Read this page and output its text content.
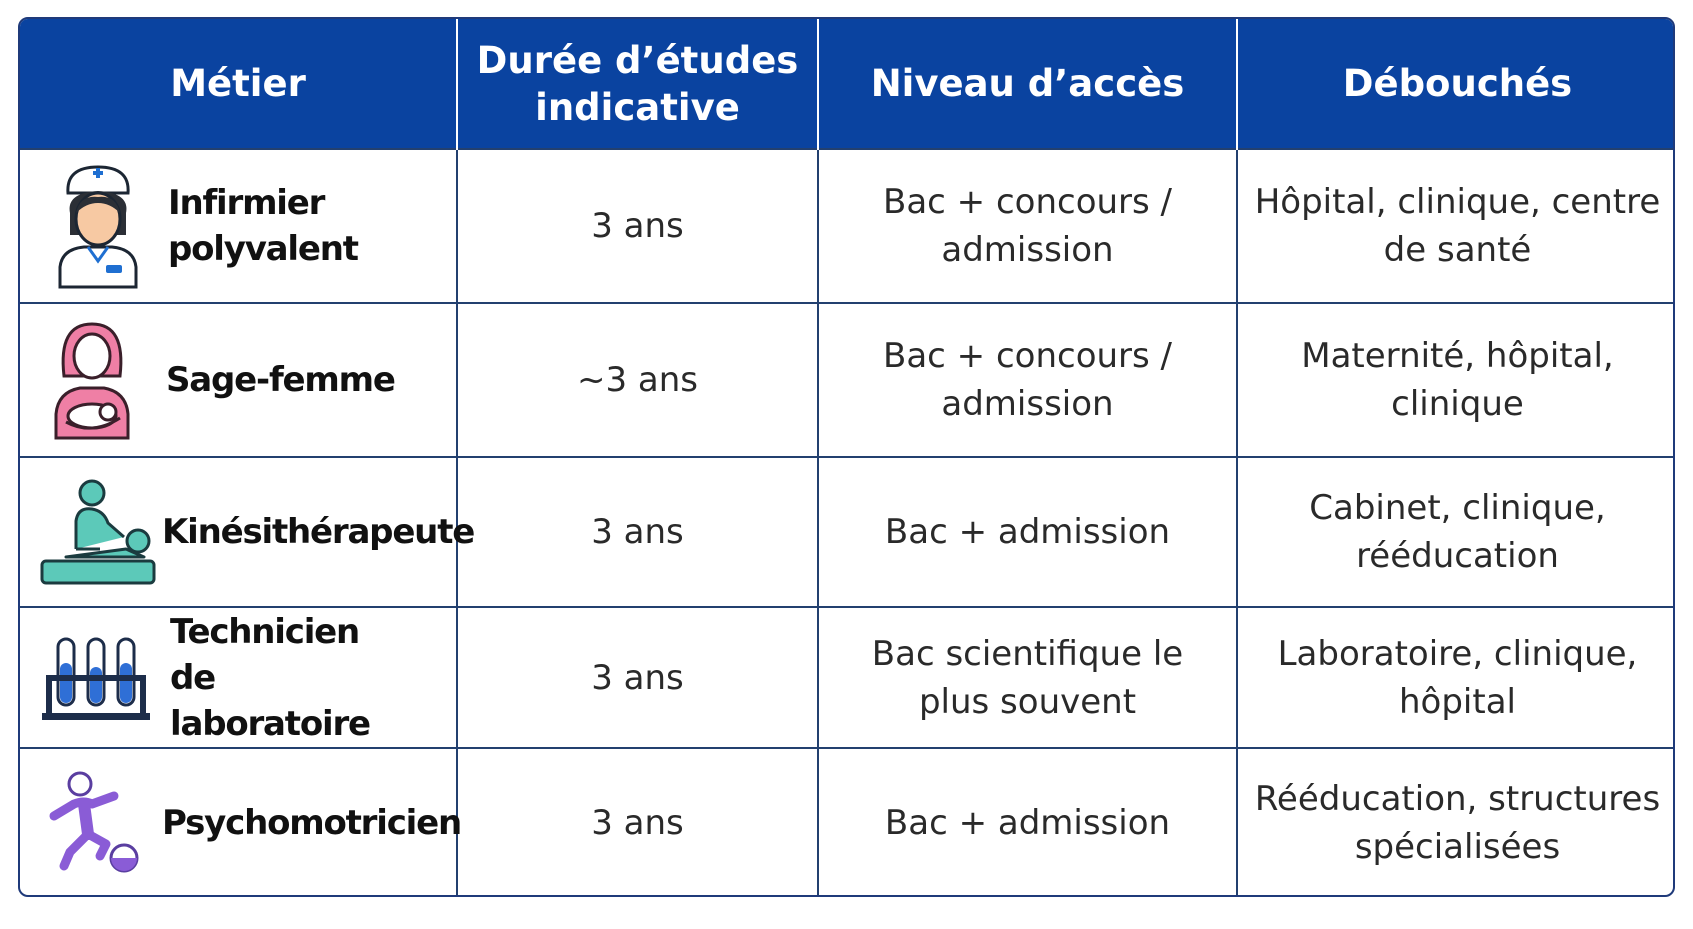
Métier	Durée d’études indicative	Niveau d’accès	Débouchés

Infirmier polyvalent	3 ans	Bac + concours / admission	Hôpital, clinique, centre de santé

Sage-femme	~3 ans	Bac + concours / admission	Maternité, hôpital, clinique

Kinésithérapeute	3 ans	Bac + admission	Cabinet, clinique, rééducation

Technicien de laboratoire	3 ans	Bac scientifique le plus souvent	Laboratoire, clinique, hôpital

Psychomotricien	3 ans	Bac + admission	Rééducation, structures spécialisées
